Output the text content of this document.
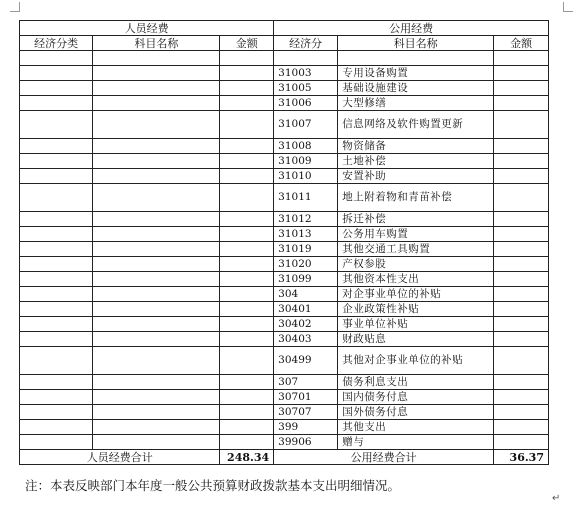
人员经费			公用经费		
经济分类	科目名称	金额	经济分	科目名称	金额

			31003	专用设备购置	
			31005	基础设施建设	
			31006	大型修缮	
			31007	信息网络及软件购置更新	
			31008	物资储备	
			31009	土地补偿	
			31010	安置补助	
			31011	地上附着物和青苗补偿	
			31012	拆迁补偿	
			31013	公务用车购置	
			31019	其他交通工具购置	
			31020	产权参股	
			31099	其他资本性支出	
			304	对企事业单位的补贴	
			30401	企业政策性补贴	
			30402	事业单位补贴	
			30403	财政贴息	
			30499	其他对企事业单位的补贴	
			307	债务利息支出	
			30701	国内债务付息	
			30707	国外债务付息	
			399	其他支出	
			39906	赠与	
人员经费合计		248.34	公用经费合计		36.37
注：本表反映部门本年度一般公共预算财政拨款基本支出明细情况。
↵
